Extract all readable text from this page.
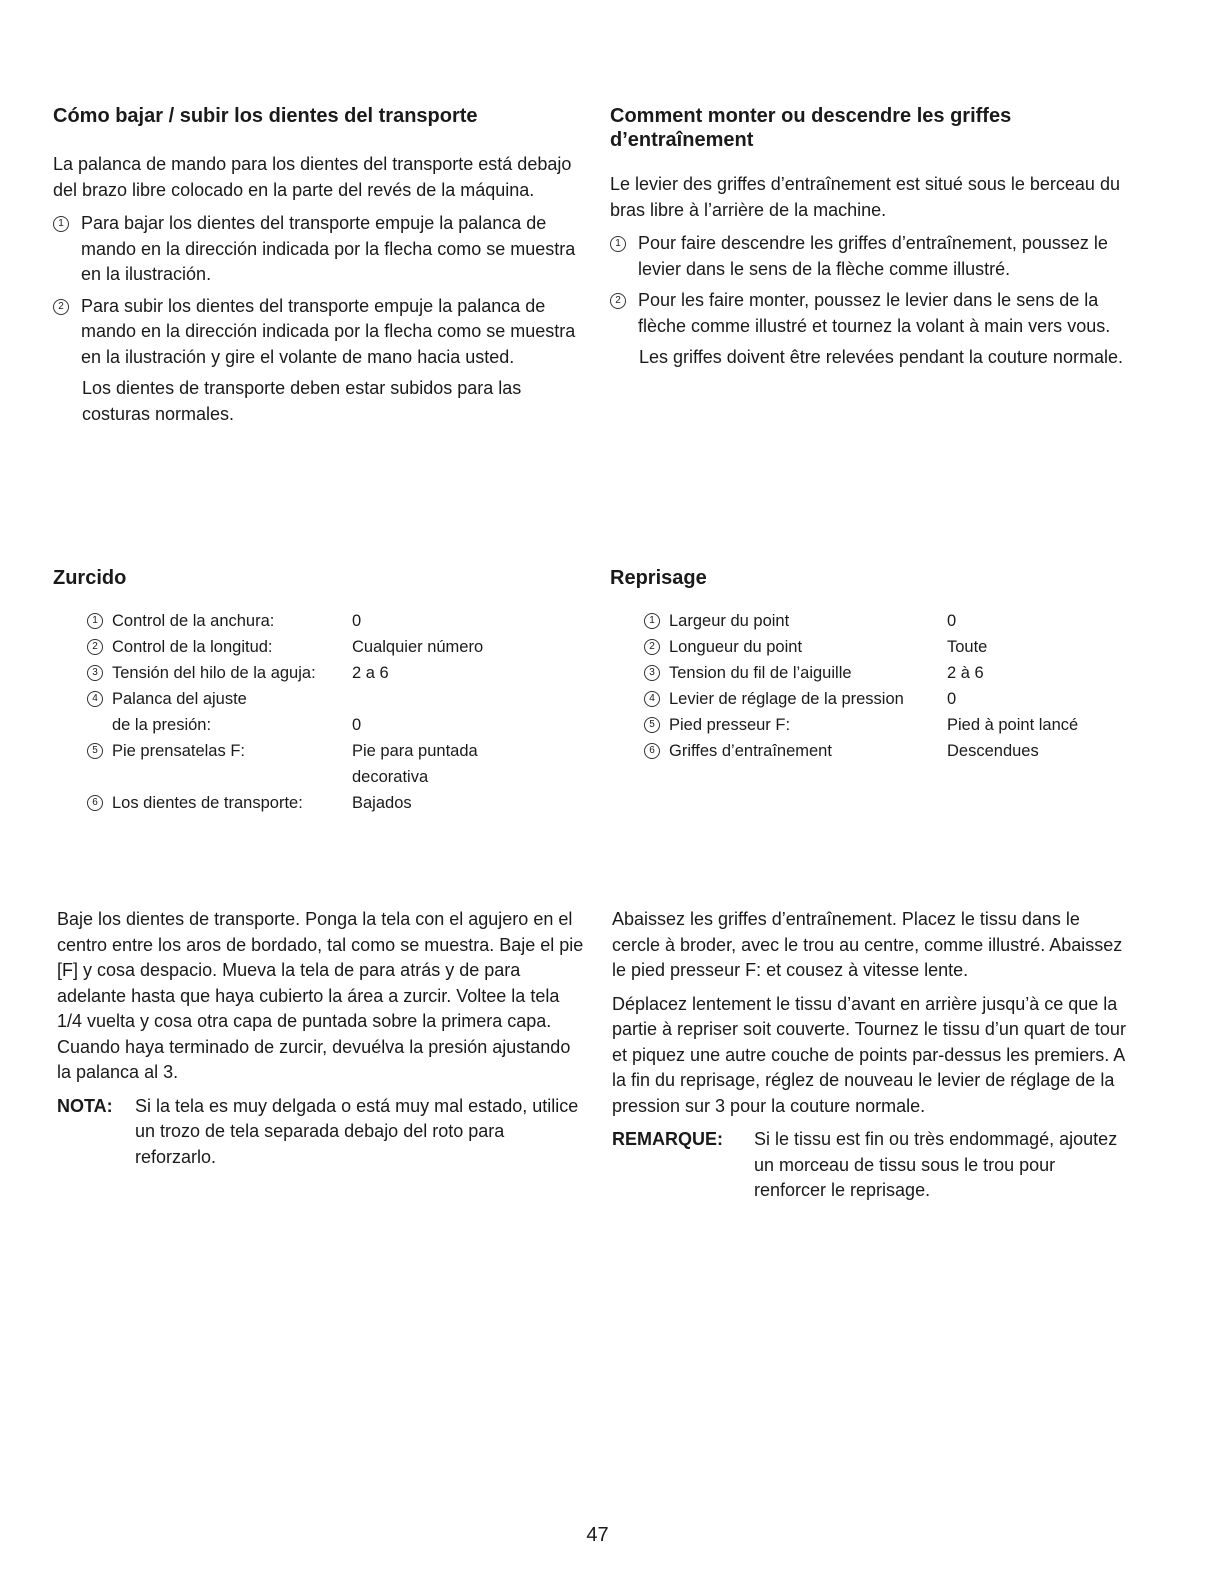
Cómo bajar / subir los dientes del transporte

La palanca de mando para los dientes del transporte está debajo del brazo libre colocado en la parte del revés de la máquina.

1 Para bajar los dientes del transporte empuje la palanca de mando en la dirección indicada por la flecha como se muestra en la ilustración.
2 Para subir los dientes del transporte empuje la palanca de mando en la dirección indicada por la flecha como se muestra en la ilustración y gire el volante de mano hacia usted.

Los dientes de transporte deben estar subidos para las costuras normales.

Comment monter ou descendre les griffes d’entraînement

Le levier des griffes d’entraînement est situé sous le berceau du bras libre à l’arrière de la machine.

1 Pour faire descendre les griffes d’entraînement, poussez le levier dans le sens de la flèche comme illustré.
2 Pour les faire monter, poussez le levier dans le sens de la flèche comme illustré et tournez la volant à main vers vous.

Les griffes doivent être relevées pendant la couture normale.

Zurcido
1 Control de la anchura:	0
2 Control de la longitud:	Cualquier número
3 Tensión del hilo de la aguja:	2 a 6
4 Palanca del ajuste
de la presión:	0
5 Pie prensatelas F:	Pie para puntada
decorativa
6 Los dientes de transporte:	Bajados
Reprisage
1 Largeur du point	0
2 Longueur du point	Toute
3 Tension du fil de l’aiguille	2 à 6
4 Levier de réglage de la pression	0
5 Pied presseur F:	Pied à point lancé
6 Griffes d’entraînement	Descendues

Baje los dientes de transporte. Ponga la tela con el agujero en el centro entre los aros de bordado, tal como se muestra. Baje el pie [F] y cosa despacio. Mueva la tela de para atrás y de para adelante hasta que haya cubierto la área a zurcir. Voltee la tela 1/4 vuelta y cosa otra capa de puntada sobre la primera capa. Cuando haya terminado de zurcir, devuélva la presión ajustando la palanca al 3.

NOTA:	Si la tela es muy delgada o está muy mal estado, utilice un trozo de tela separada debajo del roto para reforzarlo.

Abaissez les griffes d’entraînement. Placez le tissu dans le cercle à broder, avec le trou au centre, comme illustré. Abaissez le pied presseur F: et cousez à vitesse lente.

Déplacez lentement le tissu d’avant en arrière jusqu’à ce que la partie à repriser soit couverte. Tournez le tissu d’un quart de tour et piquez une autre couche de points par-dessus les premiers. A la fin du reprisage, réglez de nouveau le levier de réglage de la pression sur 3 pour la couture normale.

REMARQUE:	Si le tissu est fin ou très endommagé, ajoutez un morceau de tissu sous le trou pour renforcer le reprisage.
47
